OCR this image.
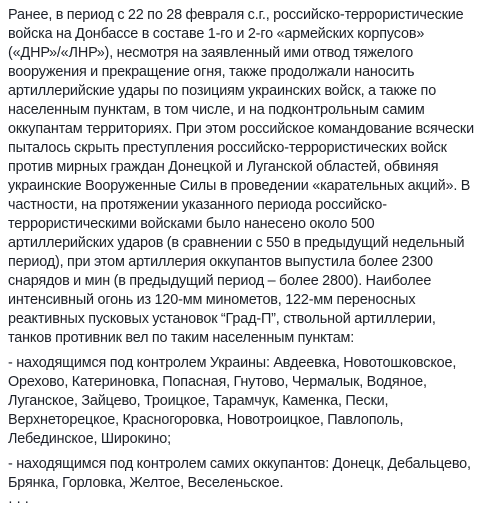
Ранее, в период с 22 по 28 февраля с.г., российско-террористические
войска на Донбассе в составе 1-го и 2-го «армейских корпусов»
(«ДНР»/«ЛНР»), несмотря на заявленный ими отвод тяжелого
вооружения и прекращение огня, также продолжали наносить
артиллерийские удары по позициям украинских войск, а также по
населенным пунктам, в том числе, и на подконтрольным самим
оккупантам территориях. При этом российское командование всячески
пыталось скрыть преступления российско-террористических войск
против мирных граждан Донецкой и Луганской областей, обвиняя
украинские Вооруженные Силы в проведении «карательных акций». В
частности, на протяжении указанного периода российско-
террористическими войсками было нанесено около 500
артиллерийских ударов (в сравнении с 550 в предыдущий недельный
период), при этом артиллерия оккупантов выпустила более 2300
снарядов и мин (в предыдущий период – более 2800). Наиболее
интенсивный огонь из 120-мм минометов, 122-мм переносных
реактивных пусковых установок “Град-П”, ствольной артиллерии,
танков противник вел по таким населенным пунктам:

- находящимся под контролем Украины: Авдеевка, Новотошковское,
Орехово, Катериновка, Попасная, Гнутово, Чермалык, Водяное,
Луганское, Зайцево, Троицкое, Тарамчук, Каменка, Пески,
Верхнеторецкое, Красногоровка, Новотроицкое, Павлополь,
Лебединское, Широкино;

- находящимся под контролем самих оккупантов: Донецк, Дебальцево,
Брянка, Горловка, Желтое, Веселеньское.

· · ·
